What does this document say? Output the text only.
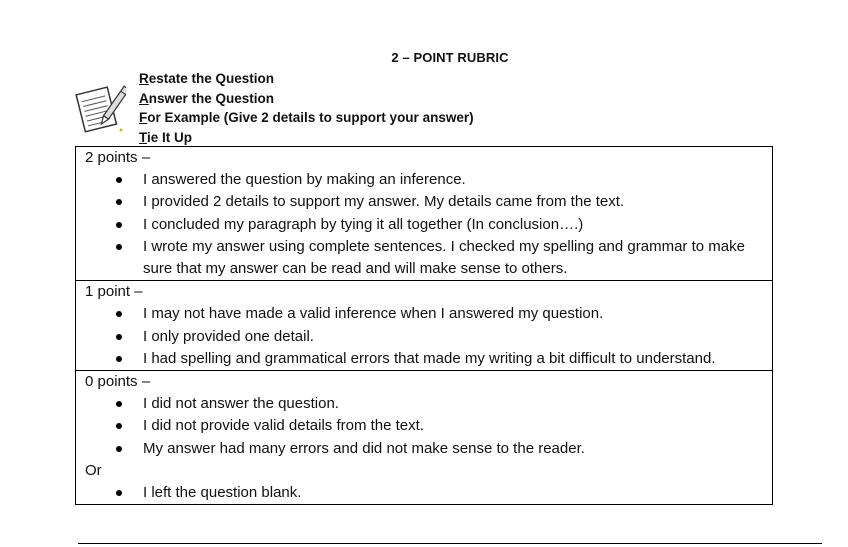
2 – POINT RUBRIC
Restate the Question
Answer the Question
For Example (Give 2 details to support your answer)
Tie It Up
2 points –
I answered the question by making an inference.
I provided 2 details to support my answer. My details came from the text.
I concluded my paragraph by tying it all together (In conclusion….)
I wrote my answer using complete sentences. I checked my spelling and grammar to make sure that my answer can be read and will make sense to others.
1 point –
I may not have made a valid inference when I answered my question.
I only provided one detail.
I had spelling and grammatical errors that made my writing a bit difficult to understand.
0 points –
I did not answer the question.
I did not provide valid details from the text.
My answer had many errors and did not make sense to the reader.
Or
I left the question blank.
